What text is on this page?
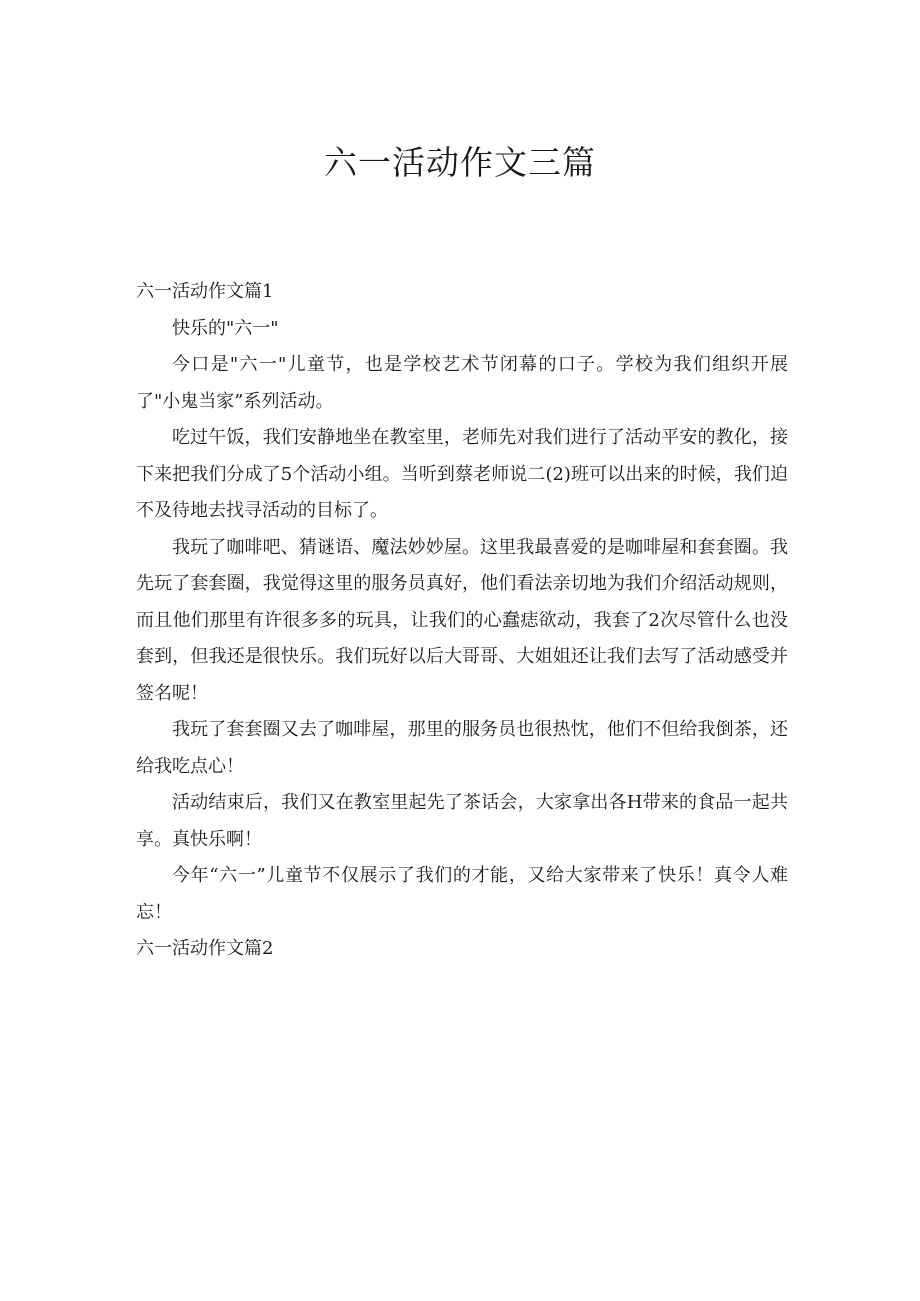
六一活动作文三篇
六一活动作文篇1

快乐的"六一"

今口是"六一"儿童节，也是学校艺术节闭幕的口子。学校为我们组织开展了"小鬼当家”系列活动。

吃过午饭，我们安静地坐在教室里，老师先对我们进行了活动平安的教化，接下来把我们分成了5个活动小组。当听到蔡老师说二(2)班可以出来的时候，我们迫不及待地去找寻活动的目标了。

我玩了咖啡吧、猜谜语、魔法妙妙屋。这里我最喜爱的是咖啡屋和套套圈。我先玩了套套圈，我觉得这里的服务员真好，他们看法亲切地为我们介绍活动规则，而且他们那里有许很多多的玩具，让我们的心蠢痣欲动，我套了2次尽管什么也没套到，但我还是很快乐。我们玩好以后大哥哥、大姐姐还让我们去写了活动感受并签名呢！

我玩了套套圈又去了咖啡屋，那里的服务员也很热忱，他们不但给我倒茶，还给我吃点心！

活动结束后，我们又在教室里起先了茶话会，大家拿出各H带来的食品一起共享。真快乐啊！

今年“六一”儿童节不仅展示了我们的才能，又给大家带来了快乐！真令人难忘！

六一活动作文篇2
